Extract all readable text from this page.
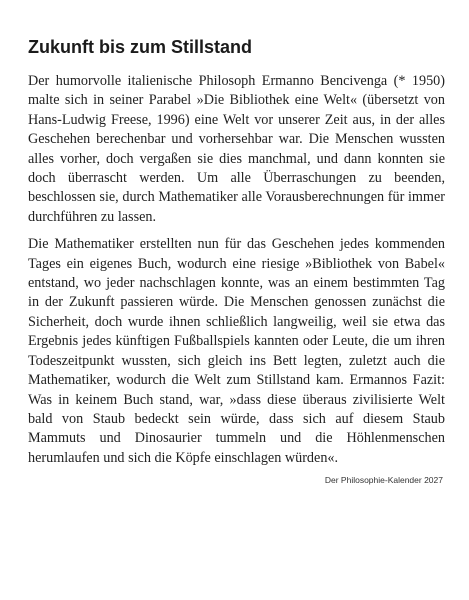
Zukunft bis zum Stillstand

Der humorvolle italienische Philosoph Ermanno Bencivenga (* 1950) malte sich in seiner Parabel »Die Bibliothek eine Welt« (übersetzt von Hans-Ludwig Freese, 1996) eine Welt vor unserer Zeit aus, in der alles Geschehen berechenbar und vorhersehbar war. Die Menschen wussten alles vorher, doch vergaßen sie dies manchmal, und dann konnten sie doch überrascht werden. Um alle Überraschungen zu beenden, beschlossen sie, durch Mathematiker alle Vorausberechnungen für immer durchführen zu lassen.

Die Mathematiker erstellten nun für das Geschehen jedes kommenden Tages ein eigenes Buch, wodurch eine riesige »Bibliothek von Babel« entstand, wo jeder nachschlagen konnte, was an einem bestimmten Tag in der Zukunft passieren würde. Die Menschen genossen zunächst die Sicherheit, doch wurde ihnen schließlich langweilig, weil sie etwa das Ergebnis jedes künftigen Fußballspiels kannten oder Leute, die um ihren Todeszeitpunkt wussten, sich gleich ins Bett legten, zuletzt auch die Mathematiker, wodurch die Welt zum Stillstand kam. Ermannos Fazit: Was in keinem Buch stand, war, »dass diese überaus zivilisierte Welt bald von Staub bedeckt sein würde, dass sich auf diesem Staub Mammuts und Dinosaurier tummeln und die Höhlenmenschen herumlaufen und sich die Köpfe einschlagen würden«.

Der Philosophie-Kalender 2027
